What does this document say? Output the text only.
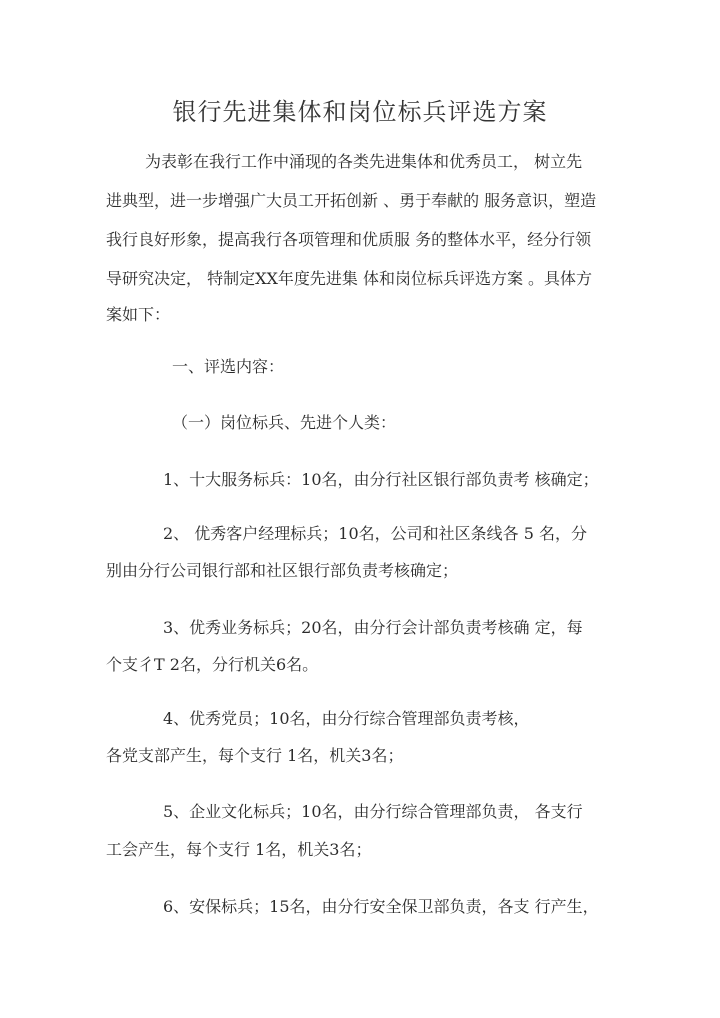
银行先进集体和岗位标兵评选方案
为表彰在我行工作中涌现的各类先进集体和优秀员工， 树立先
进典型，进一步增强广大员工开拓创新 、勇于奉献的 服务意识，塑造
我行良好形象，提高我行各项管理和优质服 务的整体水平，经分行领
导研究决定， 特制定XX年度先进集 体和岗位标兵评选方案 。具体方
案如下：
一、评选内容：
（一）岗位标兵、先进个人类：
1、十大服务标兵：10名，由分行社区银行部负责考 核确定；
2、 优秀客户经理标兵；10名，公司和社区条线各 5 名，分
别由分行公司银行部和社区银行部负责考核确定；
3、优秀业务标兵；20名，由分行会计部负责考核确 定，每
个支彳T 2名，分行机关6名。
4、优秀党员；10名，由分行综合管理部负责考核，
各党支部产生，每个支行 1名，机关3名；
5、企业文化标兵；10名，由分行综合管理部负责， 各支行
工会产生，每个支行 1名，机关3名；
6、安保标兵；15名，由分行安全保卫部负责，各支 行产生，
